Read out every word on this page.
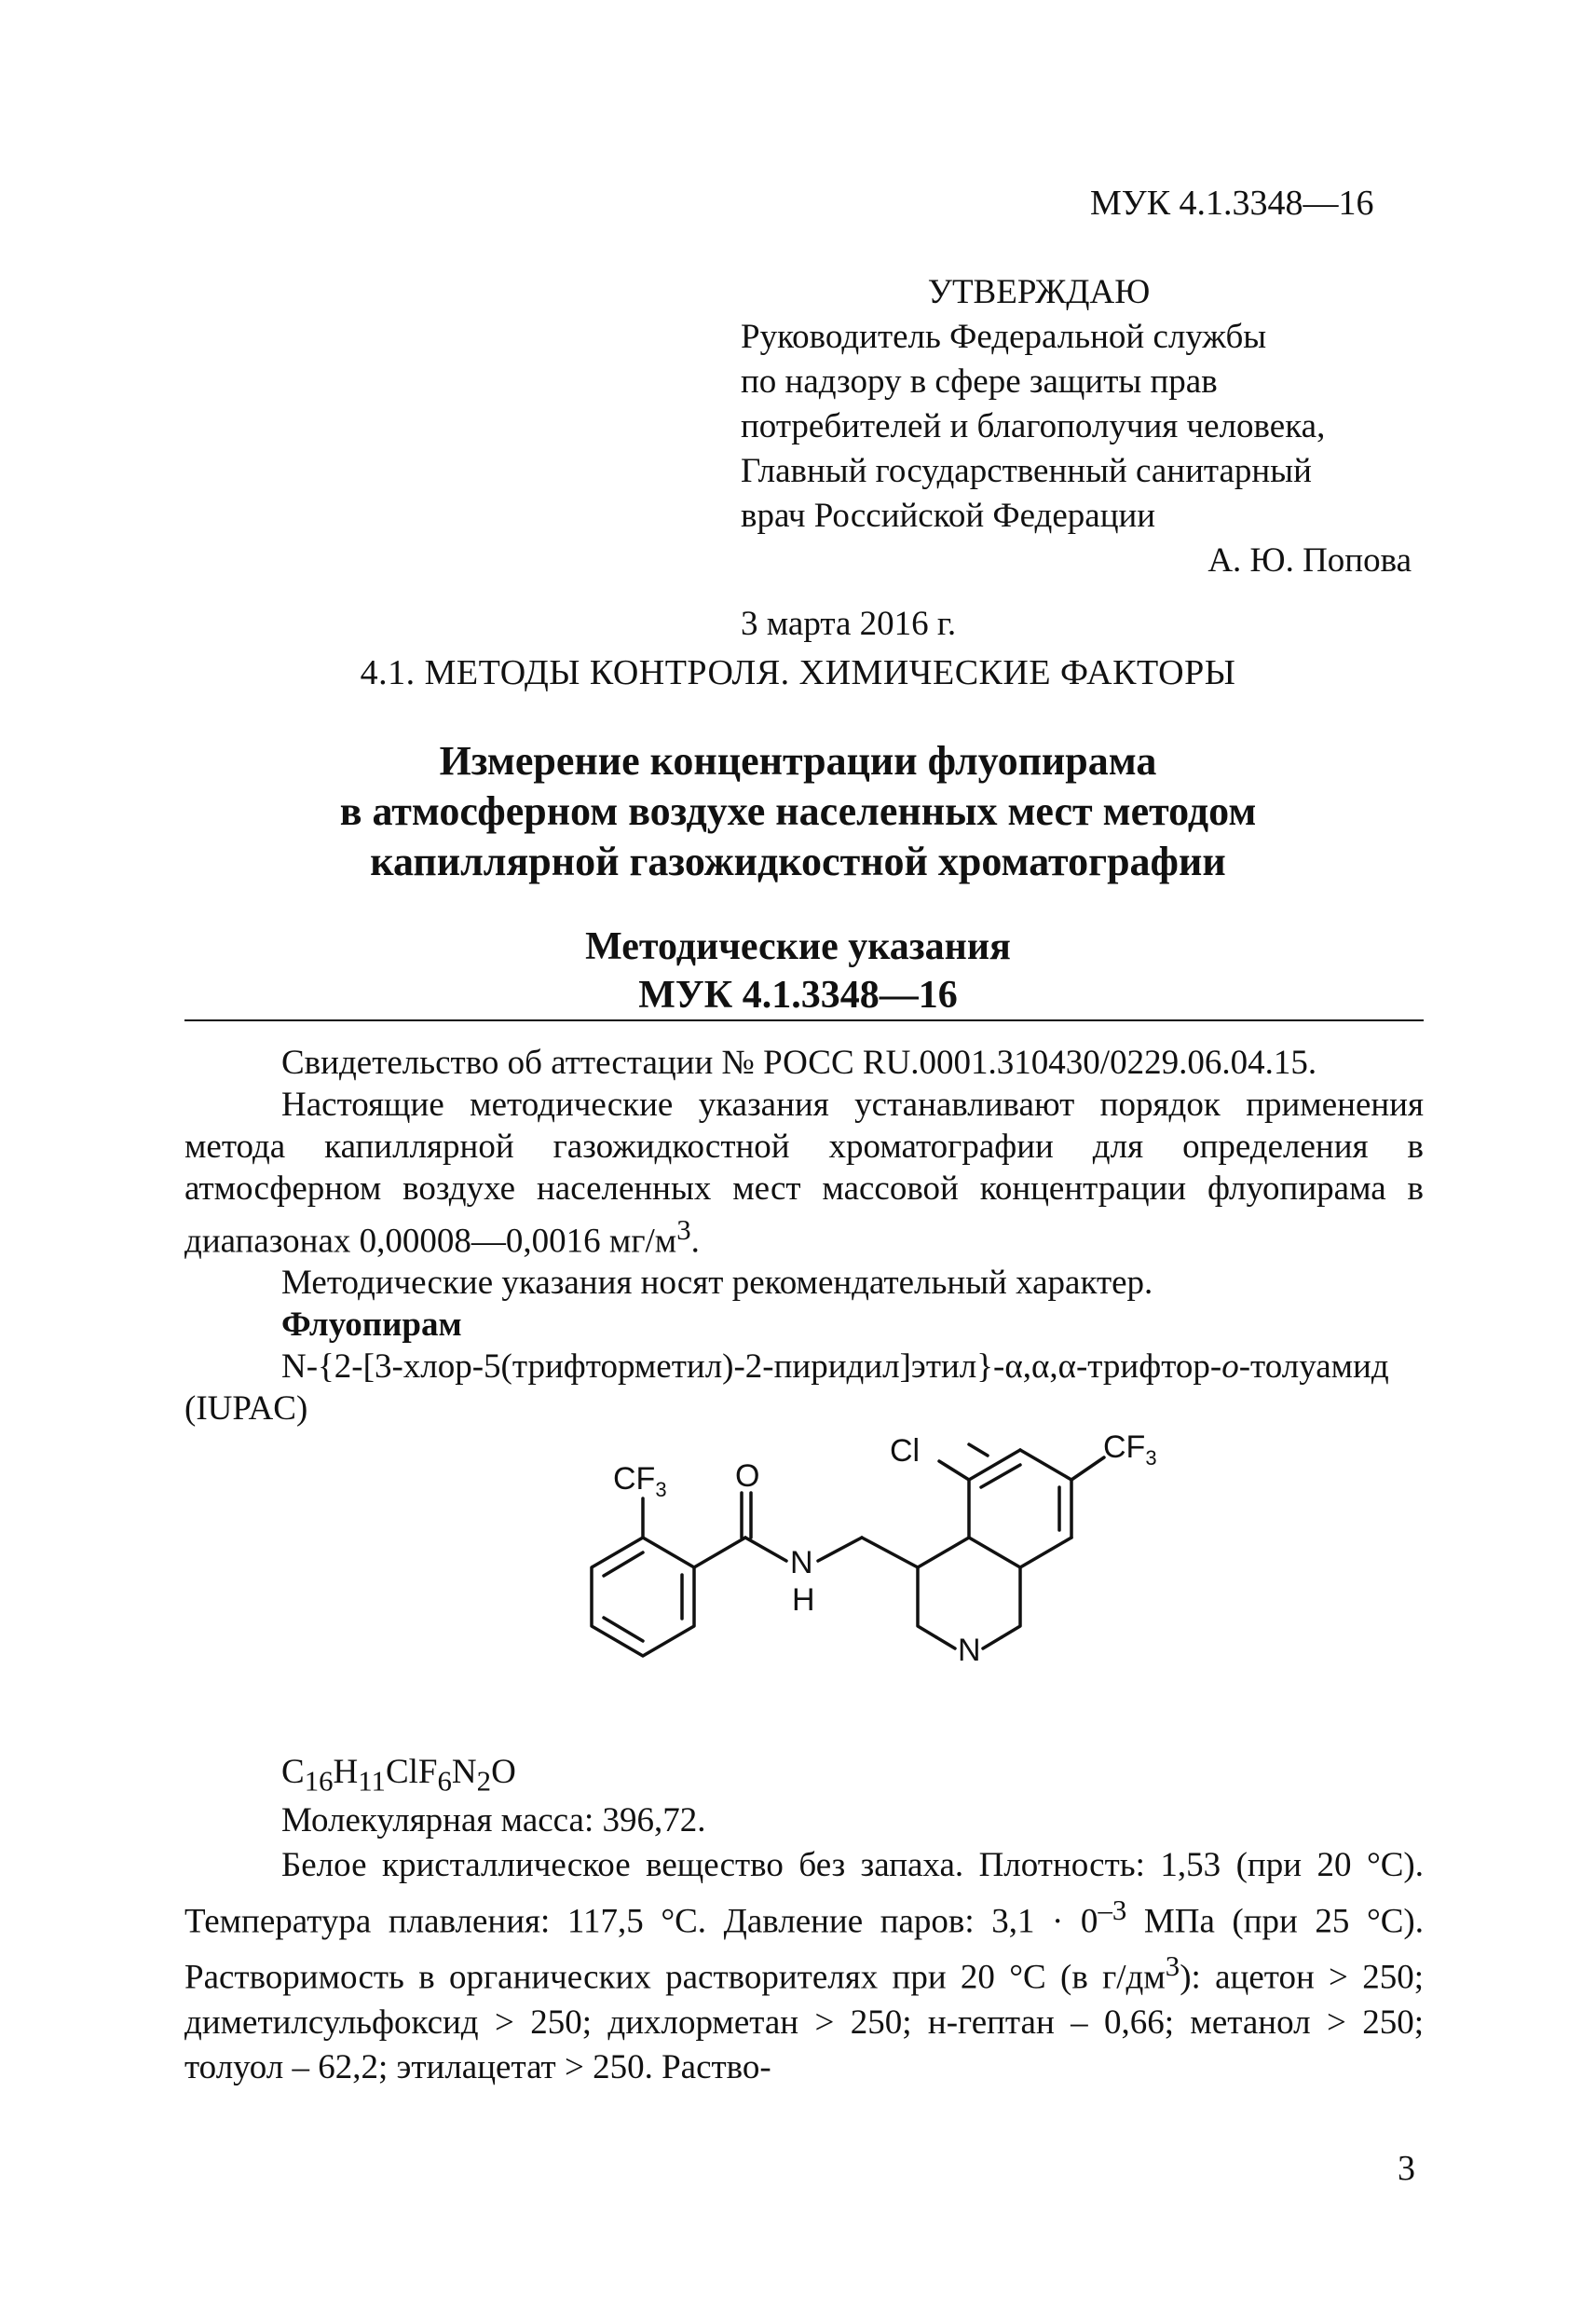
МУК 4.1.3348—16
УТВЕРЖДАЮ
Руководитель Федеральной службы
по надзору в сфере защиты прав
потребителей и благополучия человека,
Главный государственный санитарный
врач Российской Федерации
А. Ю. Попова
3 марта 2016 г.
4.1. МЕТОДЫ КОНТРОЛЯ. ХИМИЧЕСКИЕ ФАКТОРЫ
Измерение концентрации флуопирама
в атмосферном воздухе населенных мест методом
капиллярной газожидкостной хроматографии
Методические указания
МУК 4.1.3348—16

Свидетельство об аттестации № РОСС RU.0001.310430/0229.06.04.15.

Настоящие методические указания устанавливают порядок применения метода капиллярной газожидкостной хроматографии для определения в атмосферном воздухе населенных мест массовой концентрации флуопирама в диапазонах 0,00008—0,0016 $мг/м^3$.

Методические указания носят рекомендательный характер.

Флуопирам

N-{2-[3-хлор-5(трифторметил)-2-пиридил]этил}-α,α,α-трифтор-о-толуамид (IUPAC)

$CF_3$ O
N
H
Cl	$CF_3$
N
$C_{16}H_{11}ClF_6N_2O$

Молекулярная масса: 396,72.

Белое кристаллическое вещество без запаха. Плотность: 1,53 (при 20 °С). Температура плавления: 117,5 °С. Давление паров: $3,1 \cdot 0^{-3}$ МПа (при 25 °С). Растворимость в органических растворителях при 20 °С (в $г/дм^3$): ацетон > 250; диметилсульфоксид > 250; дихлорметан > 250; н-гептан – 0,66; метанол > 250; толуол – 62,2; этилацетат > 250. Раство-

3
